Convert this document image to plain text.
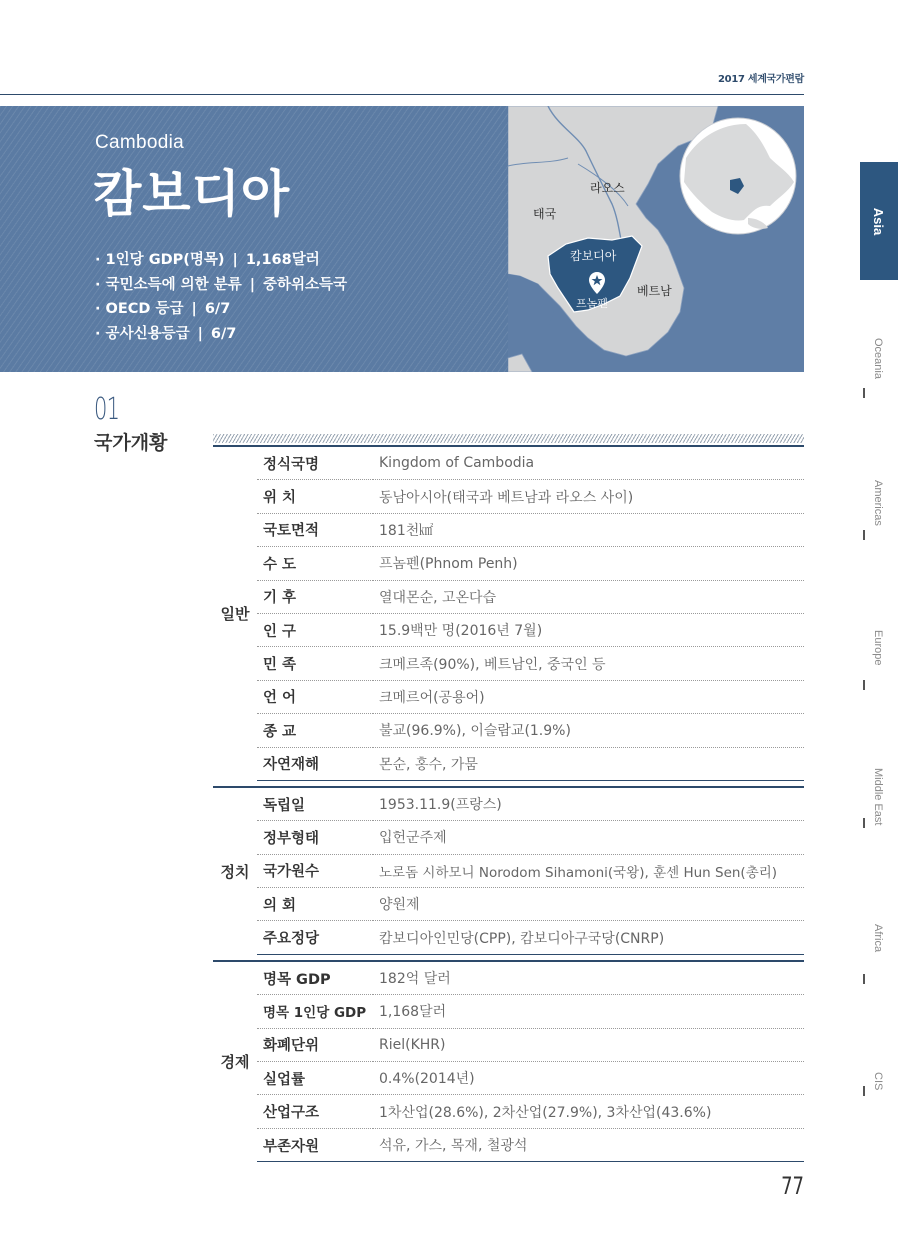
2017 세계국가편람
Cambodia
캄보디아
· 1인당 GDP(명목) | 1,168달러
· 국민소득에 의한 분류 | 중하위소득국
· OECD 등급 | 6/7
· 공사신용등급 | 6/7
태국
라오스
캄보디아
프놈펜
베트남
Asia
Oceania
Americas
Europe
Middle East
Africa
CIS
01
국가개황
일반	정식국명	Kingdom of Cambodia
	위 치	동남아시아(태국과 베트남과 라오스 사이)
	국토면적	181천㎢
	수 도	프놈펜(Phnom Penh)
	기 후	열대몬순, 고온다습
	인 구	15.9백만 명(2016년 7월)
	민 족	크메르족(90%), 베트남인, 중국인 등
	언 어	크메르어(공용어)
	종 교	불교(96.9%), 이슬람교(1.9%)
	자연재해	몬순, 홍수, 가뭄

정치	독립일	1953.11.9(프랑스)
	정부형태	입헌군주제
	국가원수	노로돔 시하모니 Norodom Sihamoni(국왕), 훈센 Hun Sen(총리)
	의 회	양원제
	주요정당	캄보디아인민당(CPP), 캄보디아구국당(CNRP)

경제	명목 GDP	182억 달러
	명목 1인당 GDP	1,168달러
	화폐단위	Riel(KHR)
	실업률	0.4%(2014년)
	산업구조	1차산업(28.6%), 2차산업(27.9%), 3차산업(43.6%)
	부존자원	석유, 가스, 목재, 철광석
77
